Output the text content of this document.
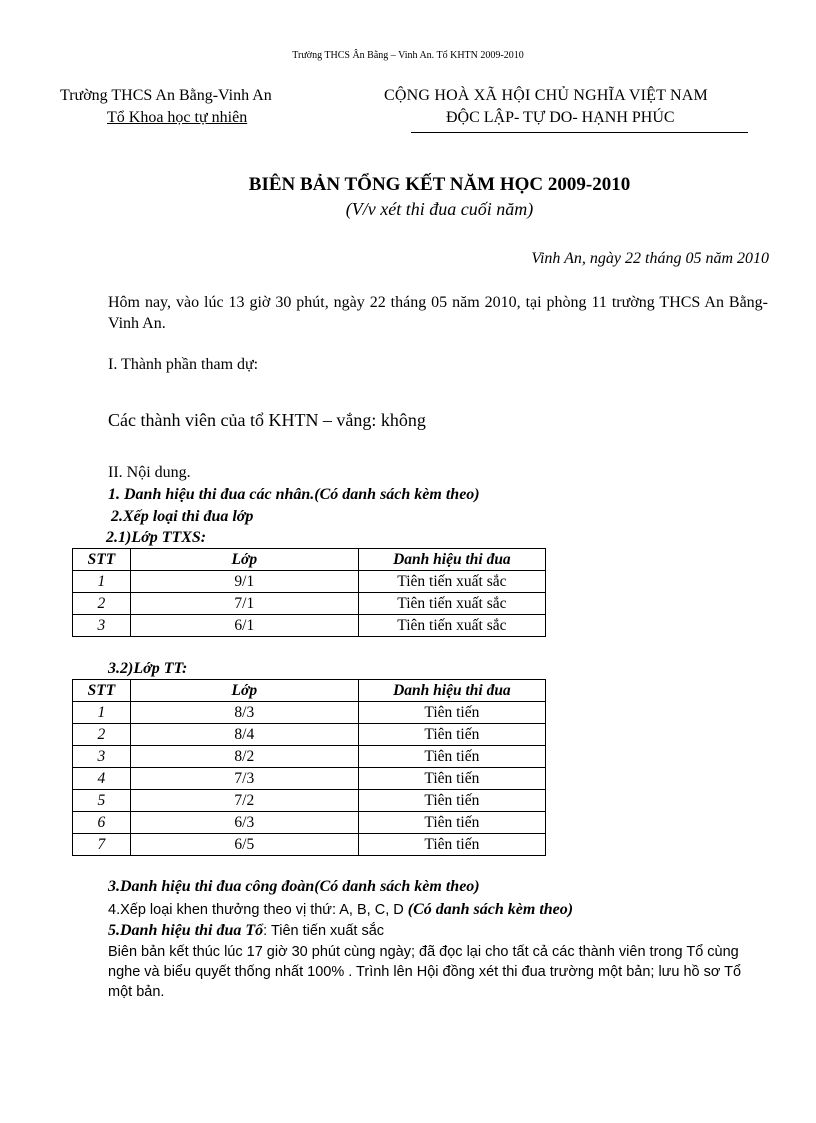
Trường THCS Ân Bằng – Vinh An. Tổ KHTN 2009-2010
Trường THCS An Bằng-Vinh An
Tổ Khoa học tự nhiên
CỘNG HOÀ XÃ HỘI CHỦ NGHĨA VIỆT NAM
ĐỘC LẬP- TỰ DO- HẠNH PHÚC
BIÊN BẢN TỔNG KẾT NĂM HỌC 2009-2010
(V/v xét thi đua cuối năm)
Vinh An, ngày 22 tháng 05 năm 2010
Hôm nay, vào lúc 13 giờ 30 phút, ngày 22 tháng 05 năm 2010, tại phòng 11 trường THCS An Bằng-Vinh An.
I. Thành phần tham dự:
Các thành viên của tổ KHTN – vắng: không
II. Nội dung.
1. Danh hiệu thi đua các nhân.(Có danh sách kèm theo)
2.Xếp loại thi đua lớp
2.1)Lớp TTXS:
STT	Lớp	Danh hiệu thi đua
1	9/1	Tiên tiến xuất sắc
2	7/1	Tiên tiến xuất sắc
3	6/1	Tiên tiến xuất sắc
3.2)Lớp TT:
STT	Lớp	Danh hiệu thi đua
1	8/3	Tiên tiến
2	8/4	Tiên tiến
3	8/2	Tiên tiến
4	7/3	Tiên tiến
5	7/2	Tiên tiến
6	6/3	Tiên tiến
7	6/5	Tiên tiến
3.Danh hiệu thi đua công đoàn(Có danh sách kèm theo)
4.Xếp loại khen thưởng theo vị thứ: A, B, C, D (Có danh sách kèm theo)
5.Danh hiệu thi đua Tổ: Tiên tiến xuất sắc
Biên bản kết thúc lúc 17 giờ 30 phút cùng ngày; đã đọc lại cho tất cả các thành viên trong Tổ cùng nghe và biểu quyết thống nhất 100% . Trình lên Hội đồng xét thi đua trường một bản; lưu hồ sơ Tổ một bản.
